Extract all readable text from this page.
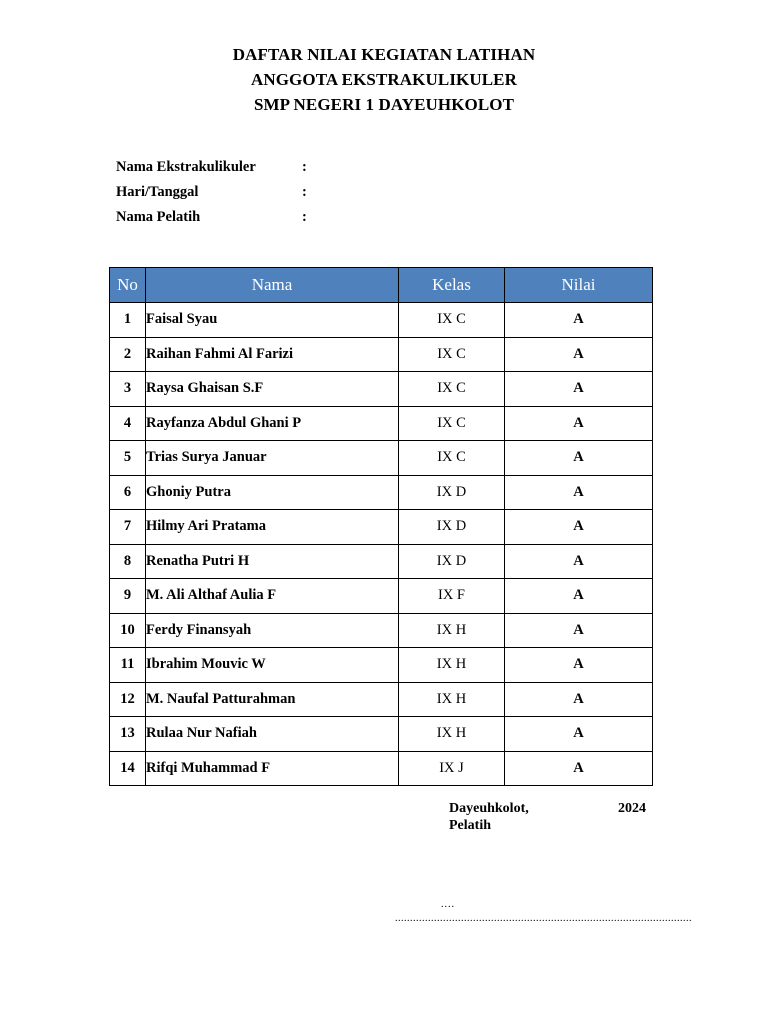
DAFTAR NILAI KEGIATAN LATIHAN
ANGGOTA EKSTRAKULIKULER
SMP NEGERI 1 DAYEUHKOLOT
Nama Ekstrakulikuler	:
Hari/Tanggal	:
Nama Pelatih	:
No	Nama	Kelas	Nilai
1	Faisal Syau	IX C	A
2	Raihan Fahmi Al Farizi	IX C	A
3	Raysa Ghaisan S.F	IX C	A
4	Rayfanza Abdul Ghani P	IX C	A
5	Trias Surya Januar	IX C	A
6	Ghoniy Putra	IX D	A
7	Hilmy Ari Pratama	IX D	A
8	Renatha Putri H	IX D	A
9	M. Ali Althaf Aulia F	IX F	A
10	Ferdy Finansyah	IX H	A
11	Ibrahim Mouvic W	IX H	A
12	M. Naufal Patturahman	IX H	A
13	Rulaa Nur Nafiah	IX H	A
14	Rifqi Muhammad F	IX J	A
Dayeuhkolot,	2024
Pelatih
....
...................................................................................................
